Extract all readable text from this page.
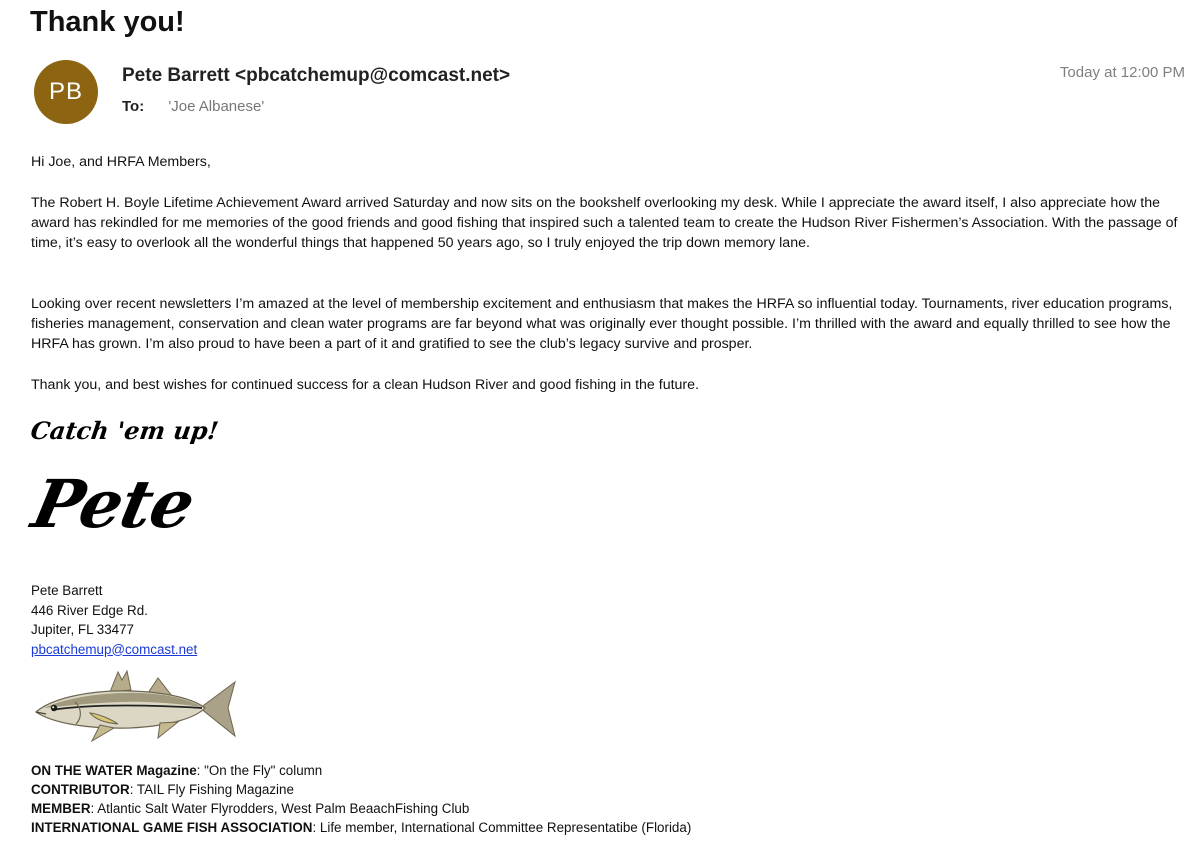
Thank you!
PB
Pete Barrett <pbcatchemup@comcast.net>
To: 'Joe Albanese'
Today at 12:00 PM

Hi Joe, and HRFA Members,

The Robert H. Boyle Lifetime Achievement Award arrived Saturday and now sits on the bookshelf overlooking my desk. While I appreciate the award itself, I also appreciate how the award has rekindled for me memories of the good friends and good fishing that inspired such a talented team to create the Hudson River Fishermen’s Association. With the passage of time, it’s easy to overlook all the wonderful things that happened 50 years ago, so I truly enjoyed the trip down memory lane.

Looking over recent newsletters I’m amazed at the level of membership excitement and enthusiasm that makes the HRFA so influential today. Tournaments, river education programs, fisheries management, conservation and clean water programs are far beyond what was originally ever thought possible. I’m thrilled with the award and equally thrilled to see how the HRFA has grown. I’m also proud to have been a part of it and gratified to see the club’s legacy survive and prosper.

Thank you, and best wishes for continued success for a clean Hudson River and good fishing in the future.

Catch 'em up!
Pete
Pete Barrett
446 River Edge Rd.
Jupiter, FL 33477
pbcatchemup@comcast.net
ON THE WATER Magazine: "On the Fly" column
CONTRIBUTOR: TAIL Fly Fishing Magazine
MEMBER: Atlantic Salt Water Flyrodders, West Palm BeaachFishing Club
INTERNATIONAL GAME FISH ASSOCIATION: Life member, International Committee Representatibe (Florida)
